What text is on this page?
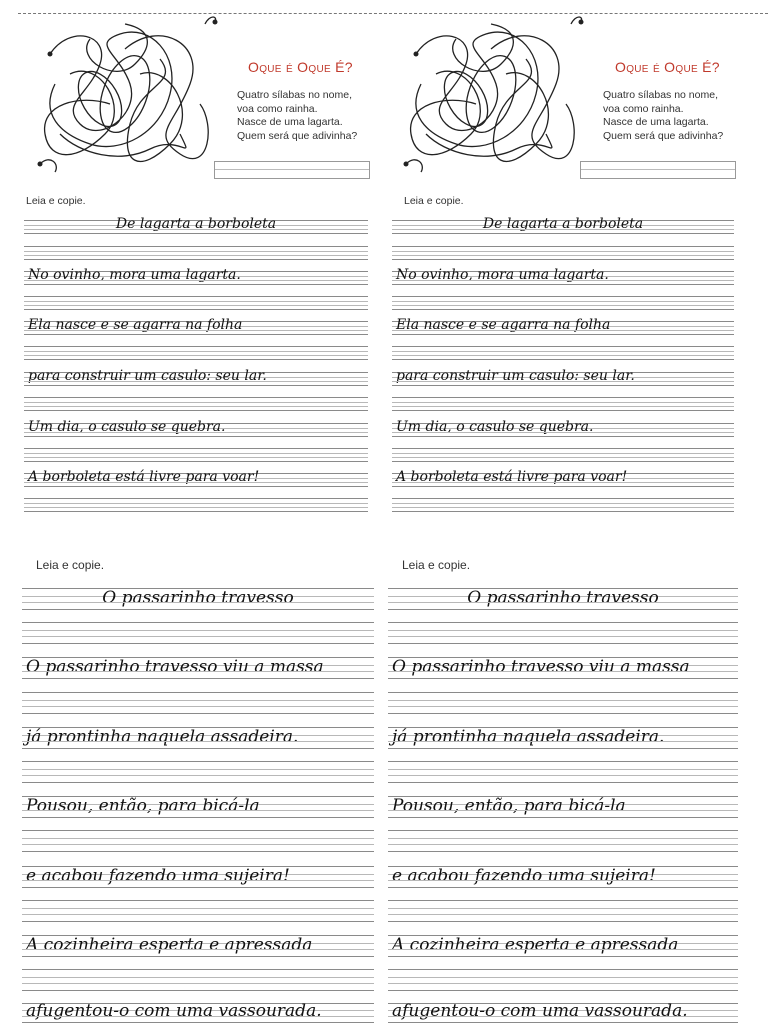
OQUE É OQUE É?
Quatro sílabas no nome,
voa como rainha.
Nasce de uma lagarta.
Quem será que adivinha?
Leia e copie.
De lagarta a borboleta
No ovinho, mora uma lagarta.
Ela nasce e se agarra na folha
para construir um casulo: seu lar.
Um dia, o casulo se quebra.
A borboleta está livre para voar!
Leia e copie.
O passarinho travesso
O passarinho travesso viu a massa
já prontinha naquela assadeira.
Pousou, então, para bicá-la
e acabou fazendo uma sujeira!
A cozinheira esperta e apressada
afugentou-o com uma vassourada.
OQUE É OQUE É?
Quatro sílabas no nome,
voa como rainha.
Nasce de uma lagarta.
Quem será que adivinha?
Leia e copie.
De lagarta a borboleta
No ovinho, mora uma lagarta.
Ela nasce e se agarra na folha
para construir um casulo: seu lar.
Um dia, o casulo se quebra.
A borboleta está livre para voar!
Leia e copie.
O passarinho travesso
O passarinho travesso viu a massa
já prontinha naquela assadeira.
Pousou, então, para bicá-la
e acabou fazendo uma sujeira!
A cozinheira esperta e apressada
afugentou-o com uma vassourada.
